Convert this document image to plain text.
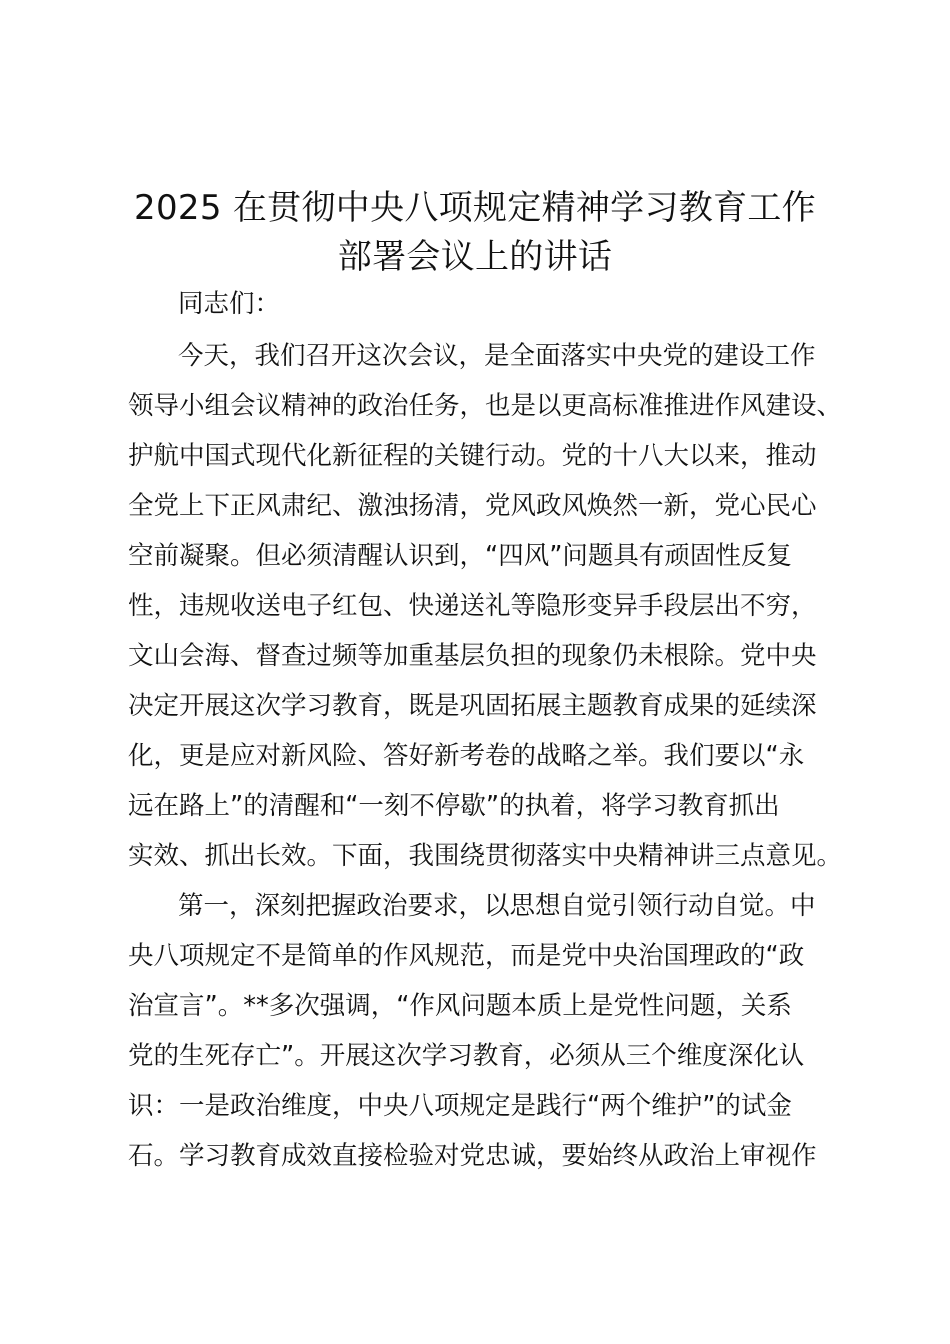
2025 在贯彻中央八项规定精神学习教育工作
部署会议上的讲话
同志们：
今天，我们召开这次会议，是全面落实中央党的建设工作
领导小组会议精神的政治任务，也是以更高标准推进作风建设、
护航中国式现代化新征程的关键行动。党的十八大以来，推动
全党上下正风肃纪、激浊扬清，党风政风焕然一新，党心民心
空前凝聚。但必须清醒认识到，“四风”问题具有顽固性反复
性，违规收送电子红包、快递送礼等隐形变异手段层出不穷，
文山会海、督查过频等加重基层负担的现象仍未根除。党中央
决定开展这次学习教育，既是巩固拓展主题教育成果的延续深
化，更是应对新风险、答好新考卷的战略之举。我们要以“永
远在路上”的清醒和“一刻不停歇”的执着，将学习教育抓出
实效、抓出长效。下面，我围绕贯彻落实中央精神讲三点意见。
第一，深刻把握政治要求，以思想自觉引领行动自觉。中
央八项规定不是简单的作风规范，而是党中央治国理政的“政
治宣言”。**多次强调，“作风问题本质上是党性问题，关系
党的生死存亡”。开展这次学习教育，必须从三个维度深化认
识：一是政治维度，中央八项规定是践行“两个维护”的试金
石。学习教育成效直接检验对党忠诚，要始终从政治上审视作
